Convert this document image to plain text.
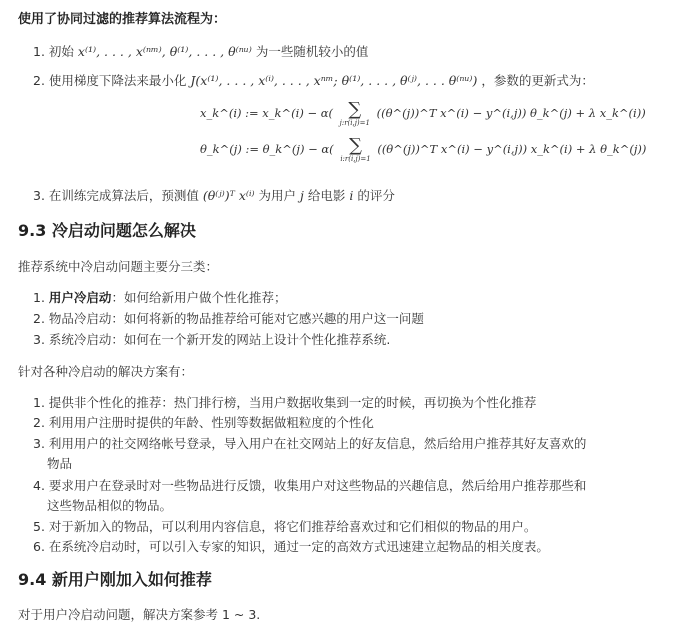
使用了协同过滤的推荐算法流程为：
1. 初始 x⁽¹⁾, . . . , x⁽ⁿᵐ⁾, θ⁽¹⁾, . . . , θ⁽ⁿᵘ⁾ 为一些随机较小的值
2. 使用梯度下降法来最小化 J(x⁽¹⁾, . . . , x⁽ⁱ⁾, . . . , xⁿᵐ; θ⁽¹⁾, . . . , θ⁽ʲ⁾, . . . θ⁽ⁿᵘ⁾) ，参数的更新式为：
x_k^(i) := x_k^(i) − α( ∑
j:r(i,j)=1
((θ^(j))^T x^(i) − y^(i,j)) θ_k^(j) + λ x_k^(i))
θ_k^(j) := θ_k^(j) − α( ∑
i:r(i,j)=1
((θ^(j))^T x^(i) − y^(i,j)) x_k^(i) + λ θ_k^(j))
3. 在训练完成算法后，预测值 (θ⁽ʲ⁾)ᵀ x⁽ⁱ⁾ 为用户 j 给电影 i 的评分
9.3 冷启动问题怎么解决
推荐系统中冷启动问题主要分三类：
1. 用户冷启动：如何给新用户做个性化推荐；
2. 物品冷启动：如何将新的物品推荐给可能对它感兴趣的用户这一问题
3. 系统冷启动：如何在一个新开发的网站上设计个性化推荐系统.
针对各种冷启动的解决方案有：
1. 提供非个性化的推荐：热门排行榜，当用户数据收集到一定的时候，再切换为个性化推荐
2. 利用用户注册时提供的年龄、性别等数据做粗粒度的个性化
3. 利用用户的社交网络帐号登录，导入用户在社交网站上的好友信息，然后给用户推荐其好友喜欢的
物品
4. 要求用户在登录时对一些物品进行反馈，收集用户对这些物品的兴趣信息，然后给用户推荐那些和
这些物品相似的物品。
5. 对于新加入的物品，可以利用内容信息，将它们推荐给喜欢过和它们相似的物品的用户。
6. 在系统冷启动时，可以引入专家的知识，通过一定的高效方式迅速建立起物品的相关度表。
9.4 新用户刚加入如何推荐
对于用户冷启动问题，解决方案参考 1 ~ 3.
